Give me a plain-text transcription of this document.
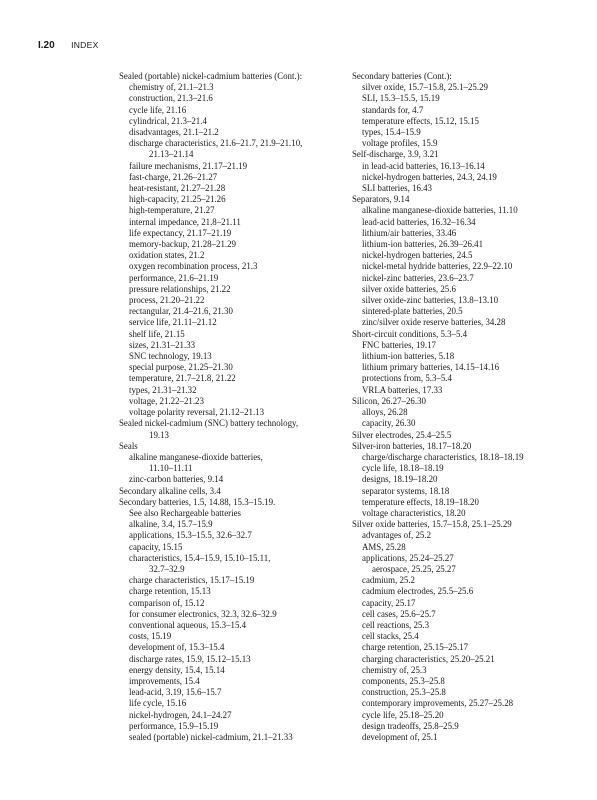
I.20 INDEX
Sealed (portable) nickel-cadmium batteries (Cont.):
chemistry of, 21.1–21.3
construction, 21.3–21.6
cycle life, 21.16
cylindrical, 21.3–21.4
disadvantages, 21.1–21.2
discharge characteristics, 21.6–21.7, 21.9–21.10,
21.13–21.14
failure mechanisms, 21.17–21.19
fast-charge, 21.26–21.27
heat-resistant, 21.27–21.28
high-capacity, 21.25–21.26
high-temperature, 21.27
internal impedance, 21.8–21.11
life expectancy, 21.17–21.19
memory-backup, 21.28–21.29
oxidation states, 21.2
oxygen recombination process, 21.3
performance, 21.6–21.19
pressure relationships, 21.22
process, 21.20–21.22
rectangular, 21.4–21.6, 21.30
service life, 21.11–21.12
shelf life, 21.15
sizes, 21.31–21.33
SNC technology, 19.13
special purpose, 21.25–21.30
temperature, 21.7–21.8, 21.22
types, 21.31–21.32
voltage, 21.22–21.23
voltage polarity reversal, 21.12–21.13
Sealed nickel-cadmium (SNC) battery technology,
19.13
Seals
alkaline manganese-dioxide batteries,
11.10–11.11
zinc-carbon batteries, 9.14
Secondary alkaline cells, 3.4
Secondary batteries, 1.5, 14.88, 15.3–15.19.
See also Rechargeable batteries
alkaline, 3.4, 15.7–15.9
applications, 15.3–15.5, 32.6–32.7
capacity, 15.15
characteristics, 15.4–15.9, 15.10–15.11,
32.7–32.9
charge characteristics, 15.17–15.19
charge retention, 15.13
comparison of, 15.12
for consumer electronics, 32.3, 32.6–32.9
conventional aqueous, 15.3–15.4
costs, 15.19
development of, 15.3–15.4
discharge rates, 15.9, 15.12–15.13
energy density, 15.4, 15.14
improvements, 15.4
lead-acid, 3.19, 15.6–15.7
life cycle, 15.16
nickel-hydrogen, 24.1–24.27
performance, 15.9–15.19
sealed (portable) nickel-cadmium, 21.1–21.33
Secondary batteries (Cont.):
silver oxide, 15.7–15.8, 25.1–25.29
SLI, 15.3–15.5, 15.19
standards for, 4.7
temperature effects, 15.12, 15.15
types, 15.4–15.9
voltage profiles, 15.9
Self-discharge, 3.9, 3.21
in lead-acid batteries, 16.13–16.14
nickel-hydrogen batteries, 24.3, 24.19
SLI batteries, 16.43
Separators, 9.14
alkaline manganese-dioxide batteries, 11.10
lead-acid batteries, 16.32–16.34
lithium/air batteries, 33.46
lithium-ion batteries, 26.39–26.41
nickel-hydrogen batteries, 24.5
nickel-metal hydride batteries, 22.9–22.10
nickel-zinc batteries, 23.6–23.7
silver oxide batteries, 25.6
silver oxide-zinc batteries, 13.8–13.10
sintered-plate batteries, 20.5
zinc/silver oxide reserve batteries, 34.28
Short-circuit conditions, 5.3–5.4
FNC batteries, 19.17
lithium-ion batteries, 5.18
lithium primary batteries, 14.15–14.16
protections from, 5.3–5.4
VRLA batteries, 17.33
Silicon, 26.27–26.30
alloys, 26.28
capacity, 26.30
Silver electrodes, 25.4–25.5
Silver-iron batteries, 18.17–18.20
charge/discharge characteristics, 18.18–18.19
cycle life, 18.18–18.19
designs, 18.19–18.20
separator systems, 18.18
temperature effects, 18.19–18.20
voltage characteristics, 18.20
Silver oxide batteries, 15.7–15.8, 25.1–25.29
advantages of, 25.2
AMS, 25.28
applications, 25.24–25.27
aerospace, 25.25, 25.27
cadmium, 25.2
cadmium electrodes, 25.5–25.6
capacity, 25.17
cell cases, 25.6–25.7
cell reactions, 25.3
cell stacks, 25.4
charge retention, 25.15–25.17
charging characteristics, 25.20–25.21
chemistry of, 25.3
components, 25.3–25.8
construction, 25.3–25.8
contemporary improvements, 25.27–25.28
cycle life, 25.18–25.20
design tradeoffs, 25.8–25.9
development of, 25.1
